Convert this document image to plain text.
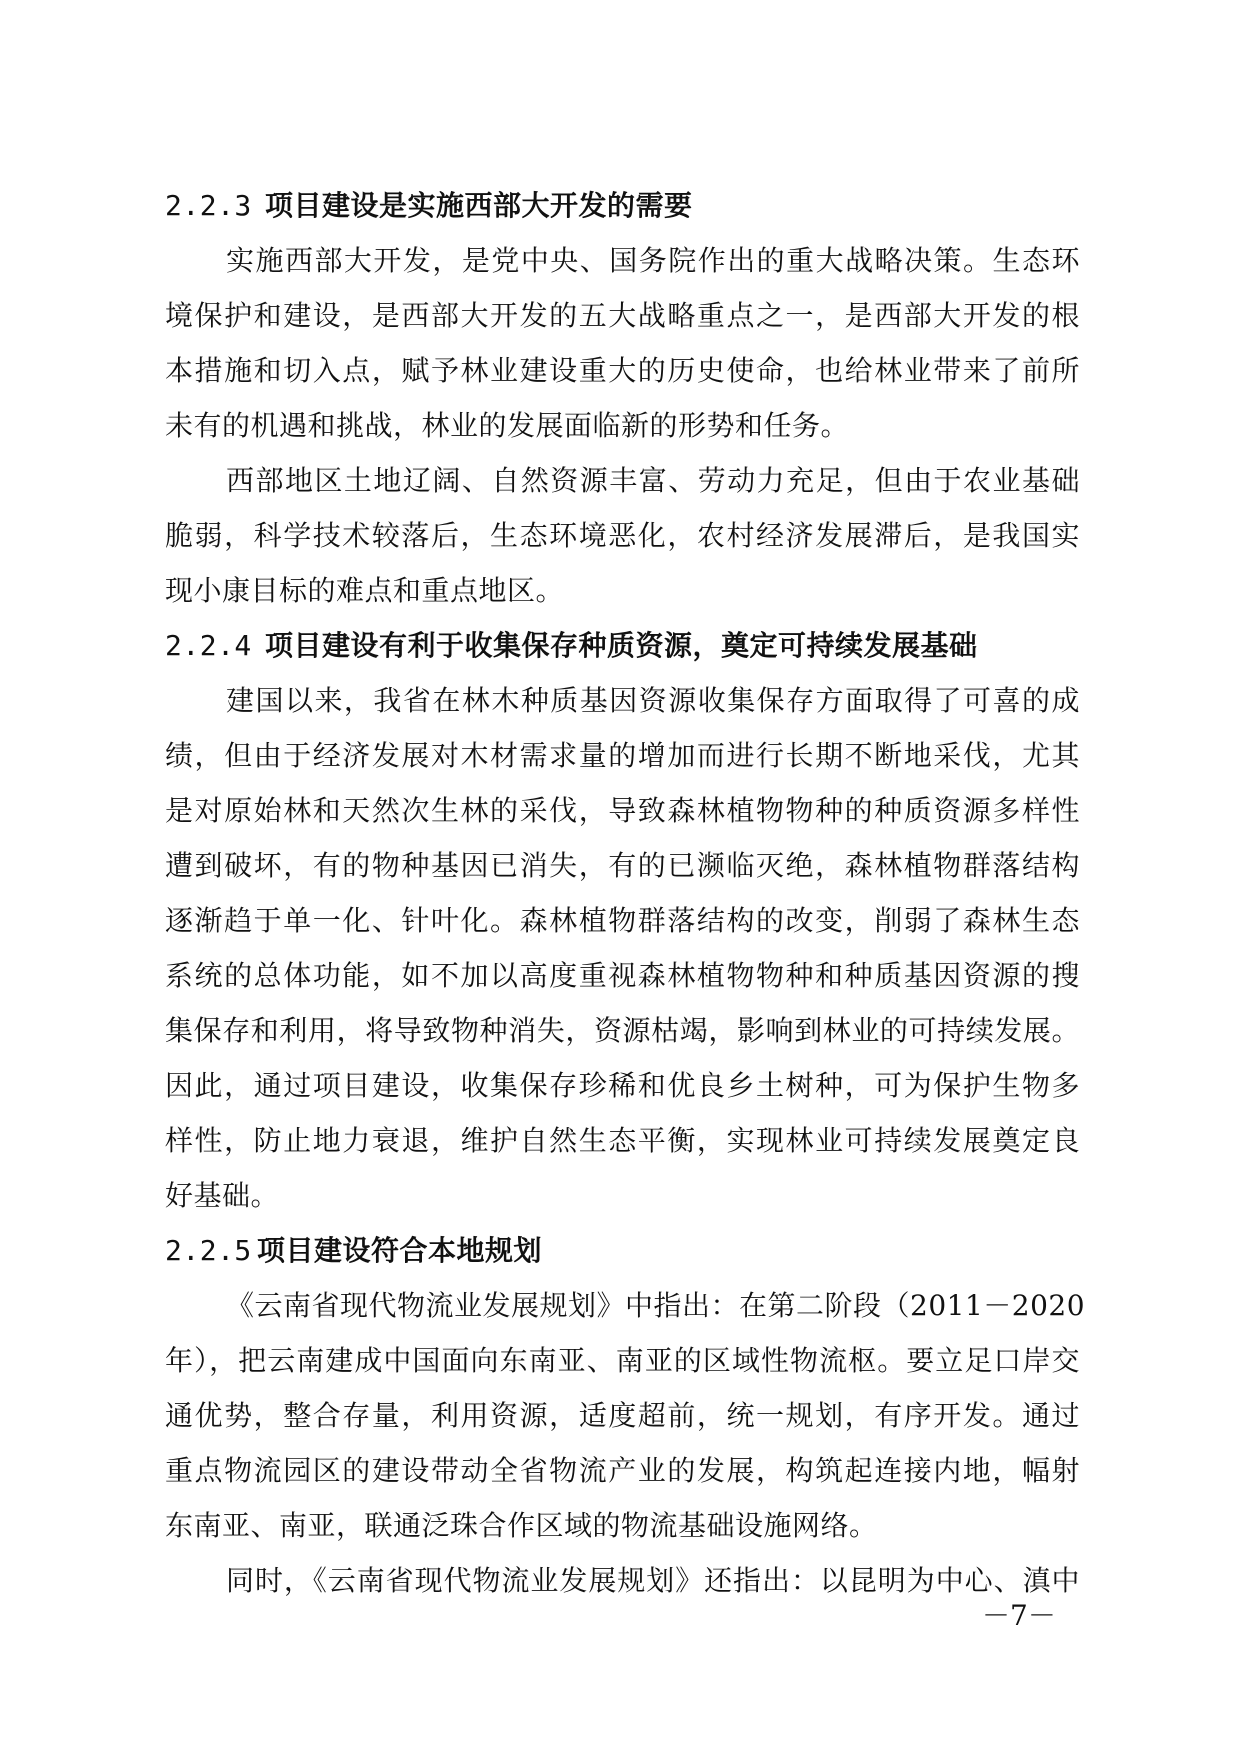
2.2.3 项目建设是实施西部大开发的需要

实施西部大开发，是党中央、国务院作出的重大战略决策。生态环

境保护和建设，是西部大开发的五大战略重点之一，是西部大开发的根

本措施和切入点，赋予林业建设重大的历史使命，也给林业带来了前所

未有的机遇和挑战，林业的发展面临新的形势和任务。

西部地区土地辽阔、自然资源丰富、劳动力充足，但由于农业基础

脆弱，科学技术较落后，生态环境恶化，农村经济发展滞后，是我国实

现小康目标的难点和重点地区。

2.2.4 项目建设有利于收集保存种质资源，奠定可持续发展基础

建国以来，我省在林木种质基因资源收集保存方面取得了可喜的成

绩，但由于经济发展对木材需求量的增加而进行长期不断地采伐，尤其

是对原始林和天然次生林的采伐，导致森林植物物种的种质资源多样性

遭到破坏，有的物种基因已消失，有的已濒临灭绝，森林植物群落结构

逐渐趋于单一化、针叶化。森林植物群落结构的改变，削弱了森林生态

系统的总体功能，如不加以高度重视森林植物物种和种质基因资源的搜

集保存和利用，将导致物种消失，资源枯竭，影响到林业的可持续发展。

因此，通过项目建设，收集保存珍稀和优良乡土树种，可为保护生物多

样性，防止地力衰退，维护自然生态平衡，实现林业可持续发展奠定良

好基础。

2.2.5 项目建设符合本地规划

《云南省现代物流业发展规划》中指出：在第二阶段（2011－2020

年），把云南建成中国面向东南亚、南亚的区域性物流枢。要立足口岸交

通优势，整合存量，利用资源，适度超前，统一规划，有序开发。通过

重点物流园区的建设带动全省物流产业的发展，构筑起连接内地，幅射

东南亚、南亚，联通泛珠合作区域的物流基础设施网络。

同时，《云南省现代物流业发展规划》还指出：以昆明为中心、滇中

－7－
